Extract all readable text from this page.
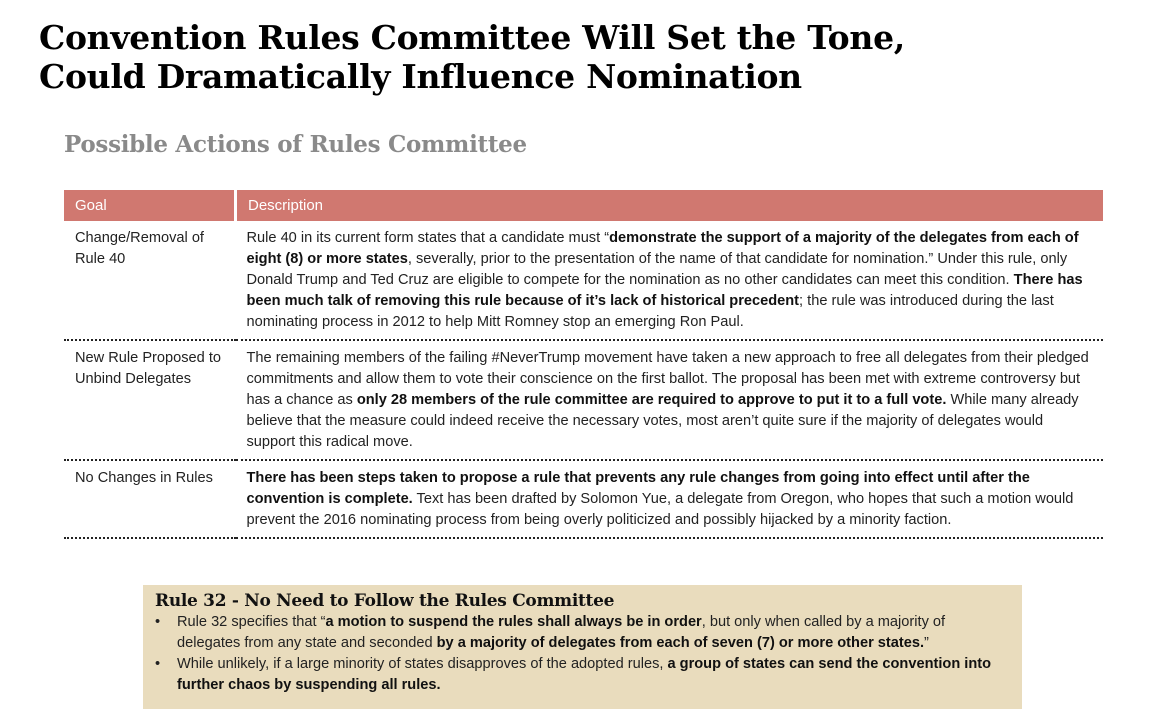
Convention Rules Committee Will Set the Tone,
Could Dramatically Influence Nomination
Possible Actions of Rules Committee
Goal	Description
Change/Removal of Rule 40	Rule 40 in its current form states that a candidate must “demonstrate the support of a majority of the delegates from each of eight (8) or more states, severally, prior to the presentation of the name of that candidate for nomination.” Under this rule, only Donald Trump and Ted Cruz are eligible to compete for the nomination as no other candidates can meet this condition. There has been much talk of removing this rule because of it’s lack of historical precedent; the rule was introduced during the last nominating process in 2012 to help Mitt Romney stop an emerging Ron Paul.
New Rule Proposed to Unbind Delegates	The remaining members of the failing #NeverTrump movement have taken a new approach to free all delegates from their pledged commitments and allow them to vote their conscience on the first ballot. The proposal has been met with extreme controversy but has a chance as only 28 members of the rule committee are required to approve to put it to a full vote. While many already believe that the measure could indeed receive the necessary votes, most aren’t quite sure if the majority of delegates would support this radical move.
No Changes in Rules	There has been steps taken to propose a rule that prevents any rule changes from going into effect until after the convention is complete. Text has been drafted by Solomon Yue, a delegate from Oregon, who hopes that such a motion would prevent the 2016 nominating process from being overly politicized and possibly hijacked by a minority faction.
Rule 32 - No Need to Follow the Rules Committee
•	Rule 32 specifies that “a motion to suspend the rules shall always be in order, but only when called by a majority of delegates from any state and seconded by a majority of delegates from each of seven (7) or more other states.”
•	While unlikely, if a large minority of states disapproves of the adopted rules, a group of states can send the convention into further chaos by suspending all rules.
